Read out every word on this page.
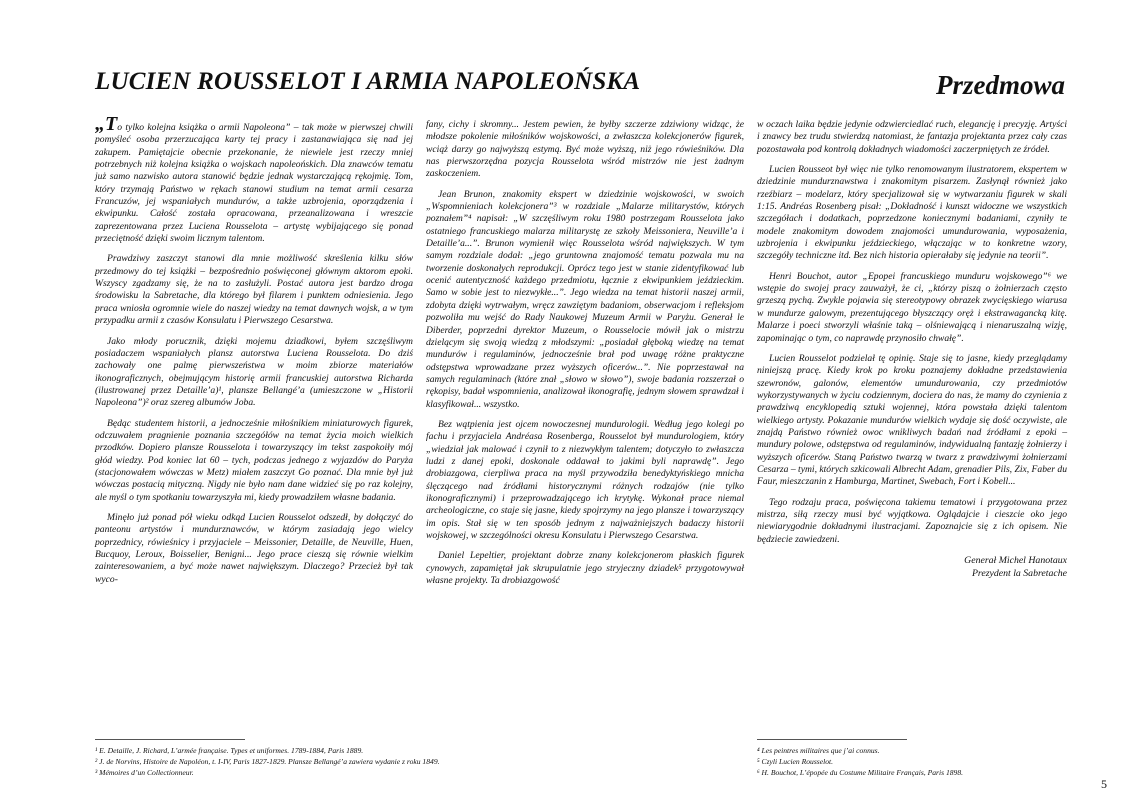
LUCIEN ROUSSELOT I ARMIA NAPOLEOŃSKA	Przedmowa

„To tylko kolejna książka o armii Napoleona” – tak może w pierwszej chwili pomyśleć osoba przerzucająca karty tej pracy i zastanawiająca się nad jej zakupem. Pamiętajcie obecnie przekonanie, że niewiele jest rzeczy mniej potrzebnych niż kolejna książka o wojskach napoleońskich. Dla znawców tematu już samo nazwisko autora stanowić będzie jednak wystarczającą rękojmię. Tom, który trzymają Państwo w rękach stanowi studium na temat armii cesarza Francuzów, jej wspaniałych mundurów, a także uzbrojenia, oporządzenia i ekwipunku. Całość została opracowana, przeanalizowana i wreszcie zaprezentowana przez Luciena Rousselota – artystę wybijającego się ponad przeciętność dzięki swoim licznym talentom.

Prawdziwy zaszczyt stanowi dla mnie możliwość skreślenia kilku słów przedmowy do tej książki – bezpośrednio poświęconej głównym aktorom epoki. Wszyscy zgadzamy się, że na to zasłużyli. Postać autora jest bardzo droga środowisku la Sabretache, dla którego był filarem i punktem odniesienia. Jego praca wniosła ogromnie wiele do naszej wiedzy na temat dawnych wojsk, a w tym przypadku armii z czasów Konsulatu i Pierwszego Cesarstwa.

Jako młody porucznik, dzięki mojemu dziadkowi, byłem szczęśliwym posiadaczem wspaniałych plansz autorstwa Luciena Rousselota. Do dziś zachowały one palmę pierwszeństwa w moim zbiorze materiałów ikonograficznych, obejmującym historię armii francuskiej autorstwa Richarda (ilustrowanej przez Detaille’a)¹, plansze Bellangé’a (umieszczone w „Historii Napoleona”)² oraz szereg albumów Joba.

Będąc studentem historii, a jednocześnie miłośnikiem miniaturowych figurek, odczuwałem pragnienie poznania szczegółów na temat życia moich wielkich przodków. Dopiero plansze Rousselota i towarzyszący im tekst zaspokoiły mój głód wiedzy. Pod koniec lat 60 – tych, podczas jednego z wyjazdów do Paryża (stacjonowałem wówczas w Metz) miałem zaszczyt Go poznać. Dla mnie był już wówczas postacią mityczną. Nigdy nie było nam dane widzieć się po raz kolejny, ale myśl o tym spotkaniu towarzyszyła mi, kiedy prowadziłem własne badania.

Minęło już ponad pół wieku odkąd Lucien Rousselot odszedł, by dołączyć do panteonu artystów i mundurznawców, w którym zasiadają jego wielcy poprzednicy, rówieśnicy i przyjaciele – Meissonier, Detaille, de Neuville, Huen, Bucquoy, Leroux, Boisselier, Benigni... Jego prace cieszą się równie wielkim zainteresowaniem, a być może nawet największym. Dlaczego? Przecież był tak wyco-

fany, cichy i skromny... Jestem pewien, że byłby szczerze zdziwiony widząc, że młodsze pokolenie miłośników wojskowości, a zwłaszcza kolekcjonerów figurek, wciąż darzy go najwyższą estymą. Być może wyższą, niż jego rówieśników. Dla nas pierwszorzędna pozycja Rousselota wśród mistrzów nie jest żadnym zaskoczeniem.

Jean Brunon, znakomity ekspert w dziedzinie wojskowości, w swoich „Wspomnieniach kolekcjonera”³ w rozdziale „Malarze militarystów, których poznałem”⁴ napisał: „W szczęśliwym roku 1980 postrzegam Rousselota jako ostatniego francuskiego malarza militarystę ze szkoły Meissoniera, Neuville’a i Detaille’a...”. Brunon wymienił więc Rousselota wśród największych. W tym samym rozdziale dodał: „jego gruntowna znajomość tematu pozwala mu na tworzenie doskonałych reprodukcji. Oprócz tego jest w stanie zidentyfikować lub ocenić autentyczność każdego przedmiotu, łącznie z ekwipunkiem jeździeckim. Samo w sobie jest to niezwykłe...”. Jego wiedza na temat historii naszej armii, zdobyta dzięki wytrwałym, wręcz zawziętym badaniom, obserwacjom i refleksjom pozwoliła mu wejść do Rady Naukowej Muzeum Armii w Paryżu. Generał le Diberder, poprzedni dyrektor Muzeum, o Rousselocie mówił jak o mistrzu dzielącym się swoją wiedzą z młodszymi: „posiadał głęboką wiedzę na temat mundurów i regulaminów, jednocześnie brał pod uwagę różne praktyczne odstępstwa wprowadzane przez wyższych oficerów...”. Nie poprzestawał na samych regulaminach (które znał „słowo w słowo”), swoje badania rozszerzał o rękopisy, badał wspomnienia, analizował ikonografię, jednym słowem sprawdzał i klasyfikował... wszystko.

Bez wątpienia jest ojcem nowoczesnej mundurologii. Według jego kolegi po fachu i przyjaciela Andréasa Rosenberga, Rousselot był mundurologiem, który „wiedział jak malować i czynił to z niezwykłym talentem; dotyczyło to zwłaszcza ludzi z danej epoki, doskonale oddawał to jakimi byli naprawdę”. Jego drobiazgowa, cierpliwa praca na myśl przywodziła benedyktyńskiego mnicha ślęczącego nad źródłami historycznymi różnych rodzajów (nie tylko ikonograficznymi) i przeprowadzającego ich krytykę. Wykonał prace niemal archeologiczne, co staje się jasne, kiedy spojrzymy na jego plansze i towarzyszący im opis. Stał się w ten sposób jednym z najważniejszych badaczy historii wojskowej, w szczególności okresu Konsulatu i Pierwszego Cesarstwa.

Daniel Lepeltier, projektant dobrze znany kolekcjonerom płaskich figurek cynowych, zapamiętał jak skrupulatnie jego stryjeczny dziadek⁵ przygotowywał własne projekty. Ta drobiazgowość

w oczach laika będzie jedynie odzwierciedlać ruch, elegancję i precyzję. Artyści i znawcy bez trudu stwierdzą natomiast, że fantazja projektanta przez cały czas pozostawała pod kontrolą dokładnych wiadomości zaczerpniętych ze źródeł.

Lucien Rousseot był więc nie tylko renomowanym ilustratorem, ekspertem w dziedzinie mundurznawstwa i znakomitym pisarzem. Zasłynął również jako rzeźbiarz – modelarz, który specjalizował się w wytwarzaniu figurek w skali 1:15. Andréas Rosenberg pisał: „Dokładność i kunszt widoczne we wszystkich szczegółach i dodatkach, poprzedzone koniecznymi badaniami, czyniły te modele znakomitym dowodem znajomości umundurowania, wyposażenia, uzbrojenia i ekwipunku jeździeckiego, włączając w to konkretne wzory, szczegóły techniczne itd. Bez nich historia opierałaby się jedynie na teorii”.

Henri Bouchot, autor „Epopei francuskiego munduru wojskowego”⁶ we wstępie do swojej pracy zauważył, że ci, „którzy piszą o żołnierzach często grzeszą pychą. Zwykle pojawia się stereotypowy obrazek zwycięskiego wiarusa w mundurze galowym, prezentującego błyszczący oręż i ekstrawagancką kitę. Malarze i poeci stworzyli właśnie taką – olśniewającą i nienaruszalną wizję, zapominając o tym, co naprawdę przynosiło chwałę”.

Lucien Rousselot podzielał tę opinię. Staje się to jasne, kiedy przeglądamy niniejszą pracę. Kiedy krok po kroku poznajemy dokładne przedstawienia szewronów, galonów, elementów umundurowania, czy przedmiotów wykorzystywanych w życiu codziennym, dociera do nas, że mamy do czynienia z prawdziwą encyklopedią sztuki wojennej, która powstała dzięki talentom wielkiego artysty. Pokazanie mundurów wielkich wydaje się dość oczywiste, ale znajdą Państwo również owoc wnikliwych badań nad źródłami z epoki – mundury polowe, odstępstwa od regulaminów, indywidualną fantazję żołnierzy i wyższych oficerów. Staną Państwo twarzą w twarz z prawdziwymi żołnierzami Cesarza – tymi, których szkicowali Albrecht Adam, grenadier Pils, Zix, Faber du Faur, mieszczanin z Hamburga, Martinet, Swebach, Fort i Kobell...

Tego rodzaju praca, poświęcona takiemu tematowi i przygotowana przez mistrza, siłą rzeczy musi być wyjątkowa. Oglądajcie i cieszcie oko jego niewiarygodnie dokładnymi ilustracjami. Zapoznajcie się z ich opisem. Nie będziecie zawiedzeni.

Generał Michel Hanotaux
Prezydent la Sabretache
¹ E. Detaille, J. Richard, L’armée française. Types et uniformes. 1789-1884, Paris 1889.
² J. de Norvins, Histoire de Napoléon, t. I-IV, Paris 1827-1829. Plansze Bellangé’a zawiera wydanie z roku 1849.
³ Mémoires d’un Collectionneur.
⁴ Les peintres militaires que j’ai connus.
⁵ Czyli Lucien Rousselot.
⁶ H. Bouchot, L’épopée du Costume Militaire Français, Paris 1898.
5
